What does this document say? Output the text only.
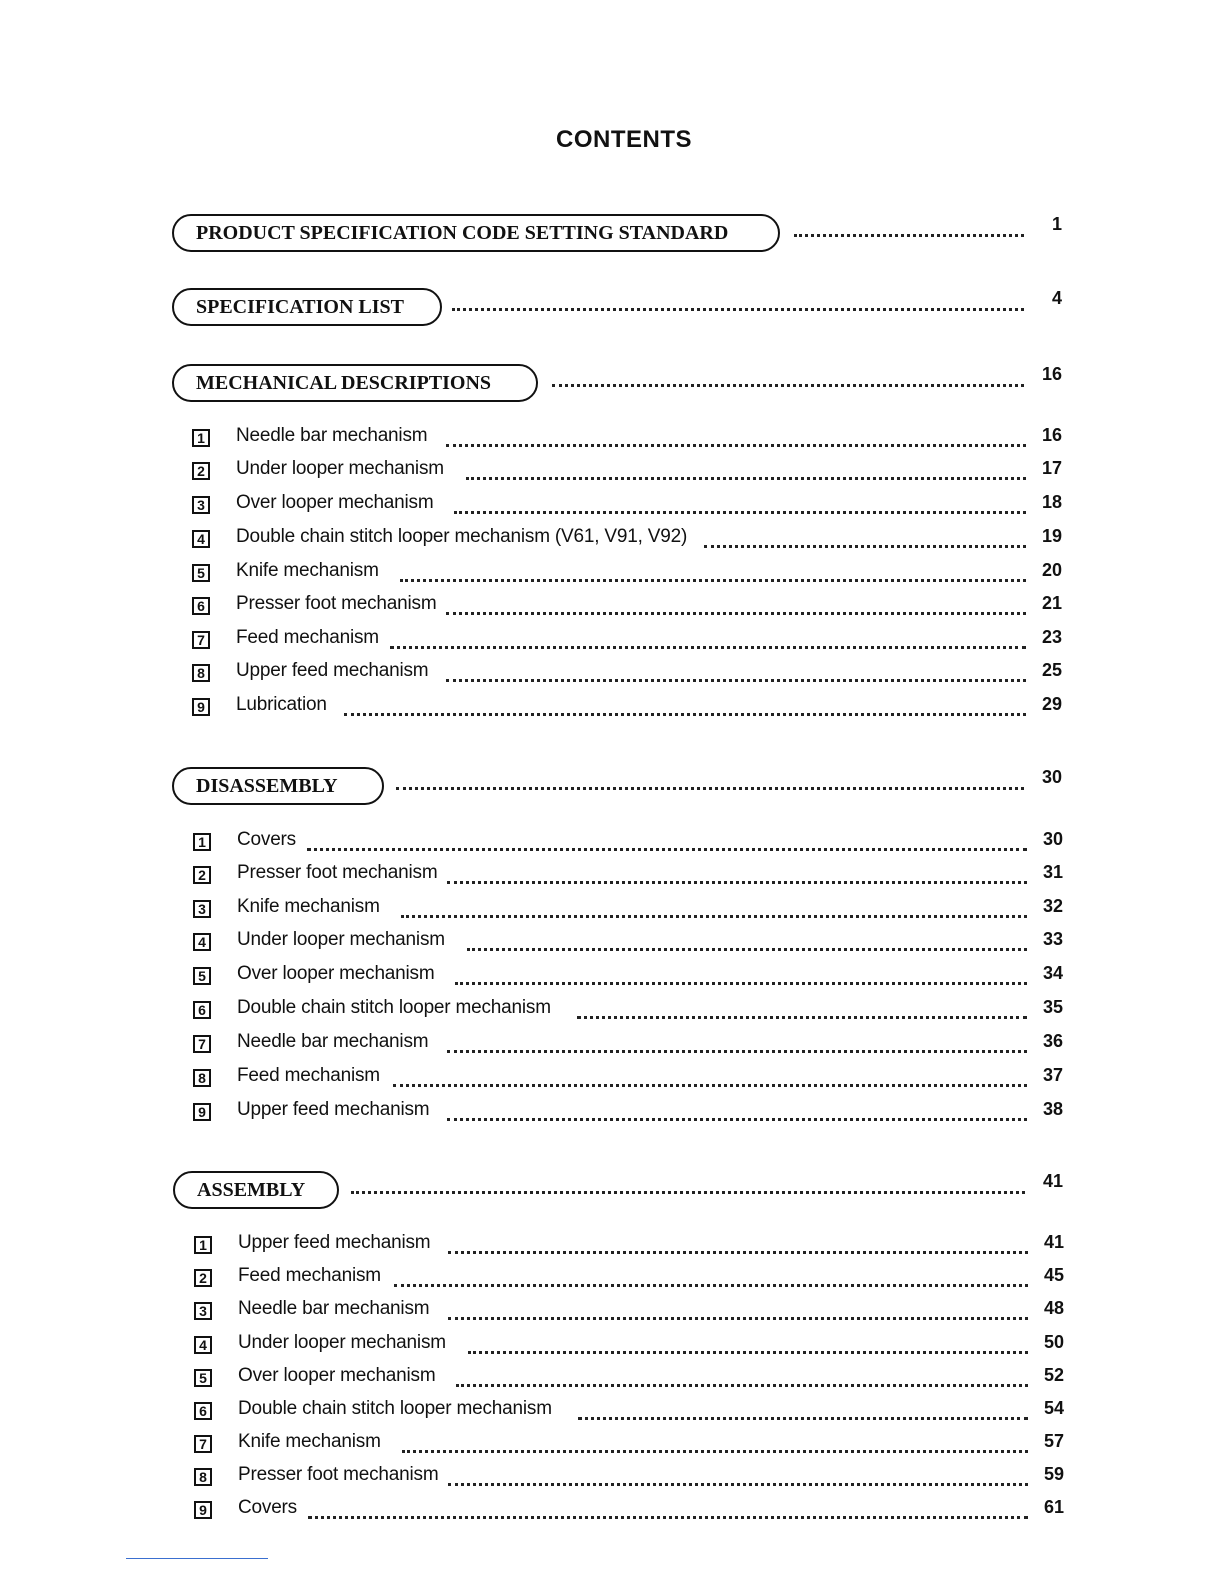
CONTENTS
PRODUCT SPECIFICATION CODE SETTING STANDARD	1
SPECIFICATION LIST	4
MECHANICAL DESCRIPTIONS	16
1 Needle bar mechanism	16
2 Under looper mechanism	17
3 Over looper mechanism	18
4 Double chain stitch looper mechanism (V61, V91, V92)	19
5 Knife mechanism	20
6 Presser foot mechanism	21
7 Feed mechanism	23
8 Upper feed mechanism	25
9 Lubrication	29
DISASSEMBLY	30
1 Covers	30
2 Presser foot mechanism	31
3 Knife mechanism	32
4 Under looper mechanism	33
5 Over looper mechanism	34
6 Double chain stitch looper mechanism	35
7 Needle bar mechanism	36
8 Feed mechanism	37
9 Upper feed mechanism	38
ASSEMBLY	41
1 Upper feed mechanism	41
2 Feed mechanism	45
3 Needle bar mechanism	48
4 Under looper mechanism	50
5 Over looper mechanism	52
6 Double chain stitch looper mechanism	54
7 Knife mechanism	57
8 Presser foot mechanism	59
9 Covers	61
